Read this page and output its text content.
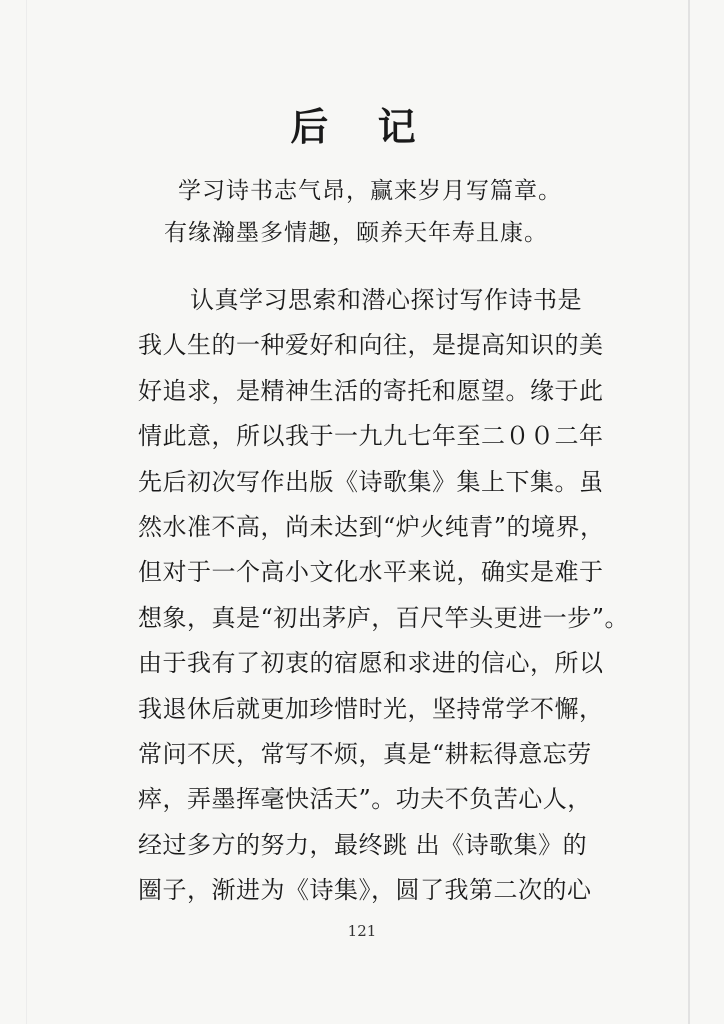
后 记
学习诗书志气昂，赢来岁月写篇章。
有缘瀚墨多情趣，颐养天年寿且康。
认真学习思索和潜心探讨写作诗书是
我人生的一种爱好和向往，是提高知识的美
好追求，是精神生活的寄托和愿望。缘于此
情此意，所以我于一九九七年至二００二年
先后初次写作出版《诗歌集》集上下集。虽
然水准不高，尚未达到“炉火纯青”的境界，
但对于一个高小文化水平来说，确实是难于
想象，真是“初出茅庐，百尺竿头更进一步”。
由于我有了初衷的宿愿和求进的信心，所以
我退休后就更加珍惜时光，坚持常学不懈，
常问不厌，常写不烦，真是“耕耘得意忘劳
瘁，弄墨挥毫快活天”。功夫不负苦心人，
经过多方的努力，最终跳 出《诗歌集》的
圈子，渐进为《诗集》，圆了我第二次的心
121
